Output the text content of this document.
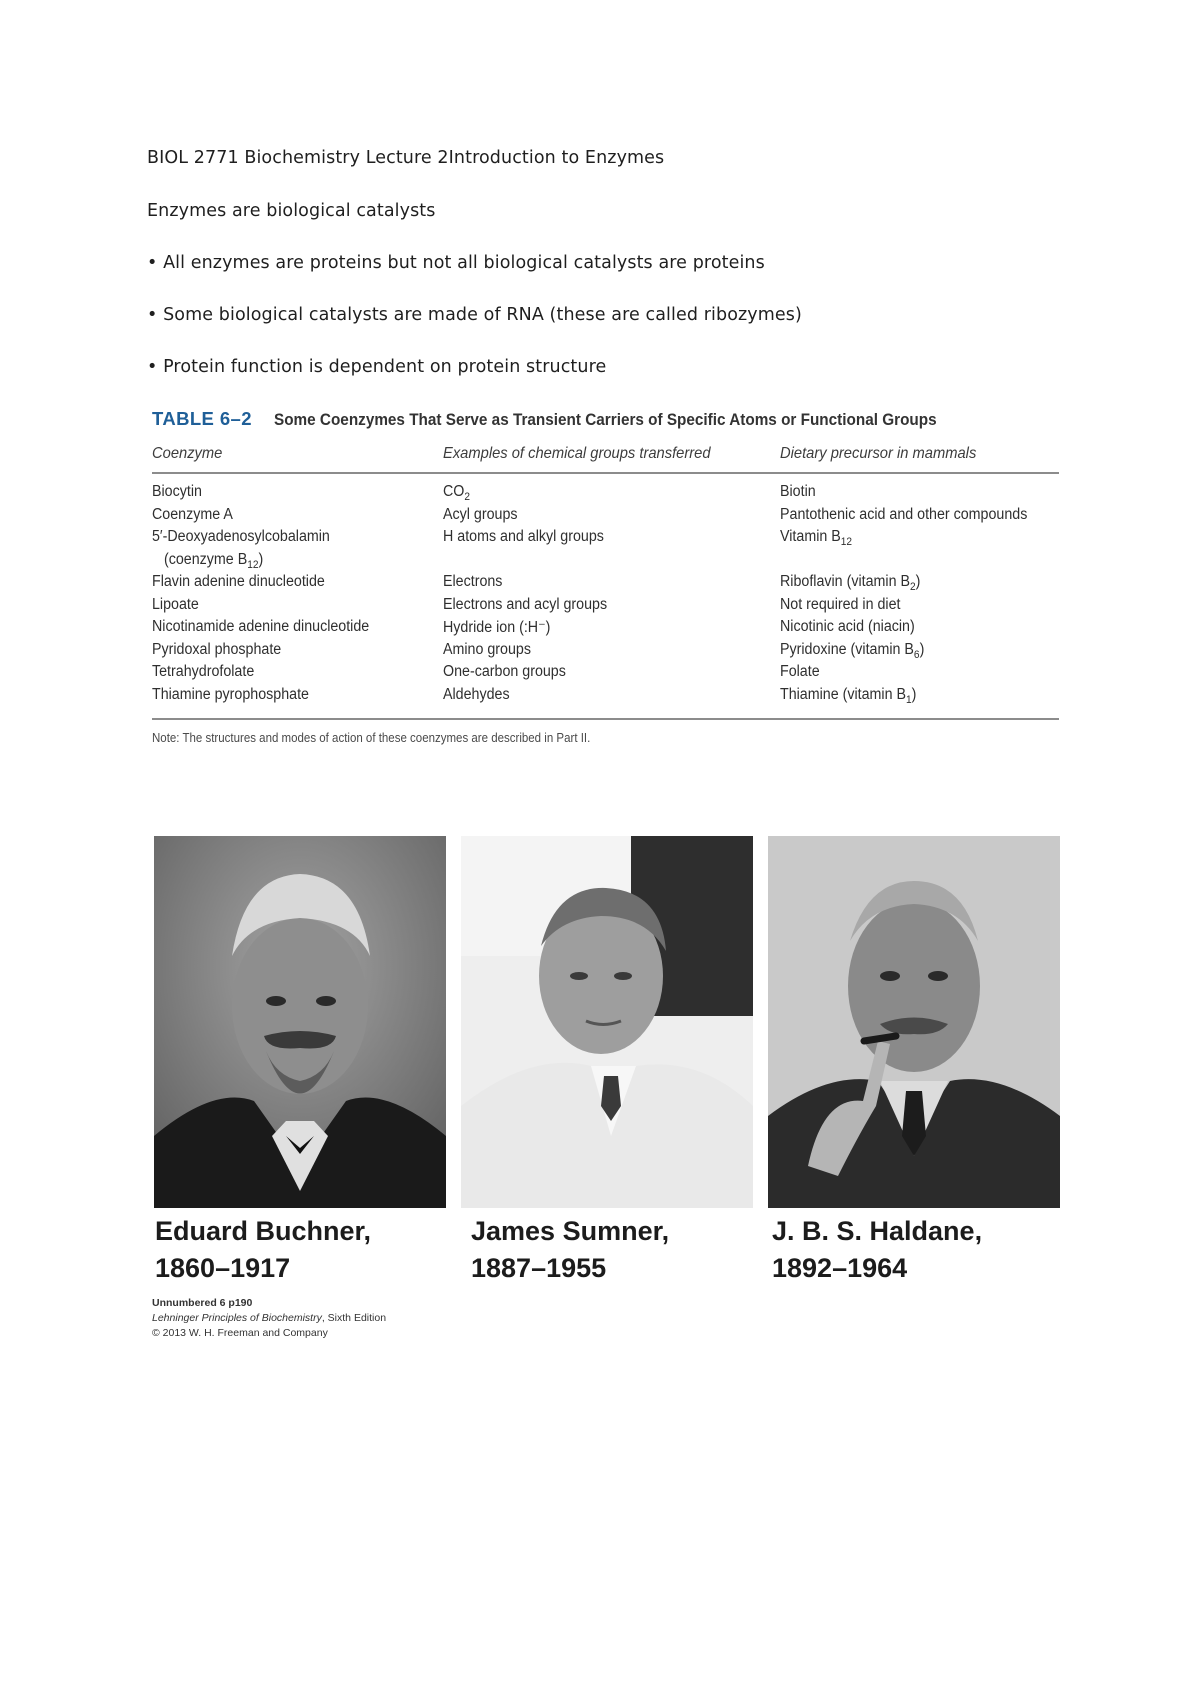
BIOL 2771 Biochemistry Lecture 2Introduction to Enzymes
Enzymes are biological catalysts
• All enzymes are proteins but not all biological catalysts are proteins
• Some biological catalysts are made of RNA (these are called ribozymes)
• Protein function is dependent on protein structure
TABLE 6–2 Some Coenzymes That Serve as Transient Carriers of Specific Atoms or Functional Groups
Coenzyme	Examples of chemical groups transferred	Dietary precursor in mammals
Biocytin	$CO_2$	Biotin
Coenzyme A	Acyl groups	Pantothenic acid and other compounds
5′-Deoxyadenosylcobalamin	H atoms and alkyl groups	Vitamin $B_{12}$
(coenzyme $B_{12}$)
Flavin adenine dinucleotide	Electrons	Riboflavin (vitamin $B_2$)
Lipoate	Electrons and acyl groups	Not required in diet
Nicotinamide adenine dinucleotide	Hydride ion (:H⁻)	Nicotinic acid (niacin)
Pyridoxal phosphate	Amino groups	Pyridoxine (vitamin $B_6$)
Tetrahydrofolate	One-carbon groups	Folate
Thiamine pyrophosphate	Aldehydes	Thiamine (vitamin $B_1$)
Note: The structures and modes of action of these coenzymes are described in Part II.
Eduard Buchner,
1860–1917
James Sumner,
1887–1955
J. B. S. Haldane,
1892–1964
Unnumbered 6 p190
Lehninger Principles of Biochemistry, Sixth Edition
© 2013 W. H. Freeman and Company
